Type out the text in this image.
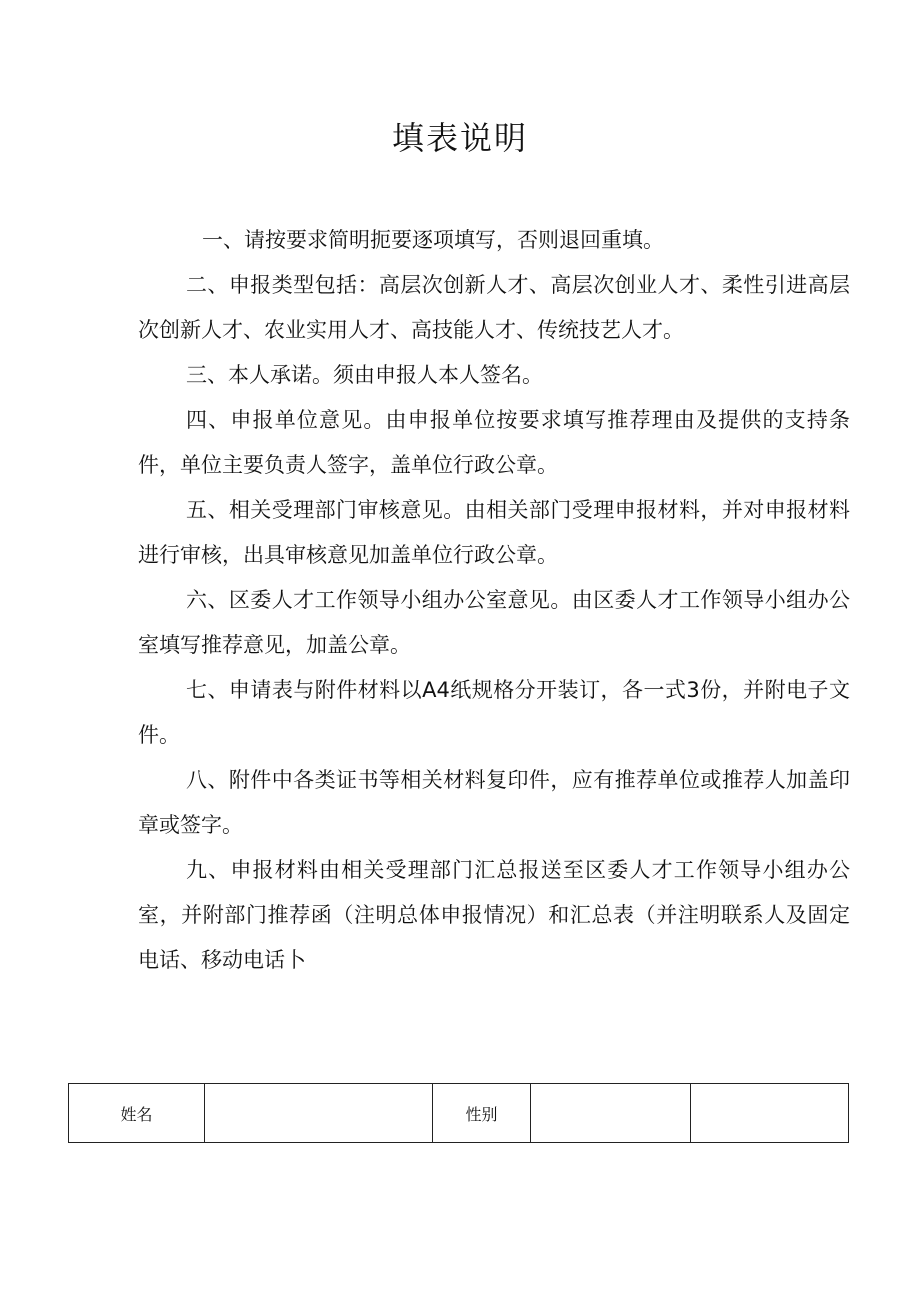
填表说明

一、请按要求简明扼要逐项填写，否则退回重填。

二、申报类型包括：高层次创新人才、高层次创业人才、柔性引进高层次创新人才、农业实用人才、高技能人才、传统技艺人才。

三、本人承诺。须由申报人本人签名。

四、申报单位意见。由申报单位按要求填写推荐理由及提供的支持条件，单位主要负责人签字，盖单位行政公章。

五、相关受理部门审核意见。由相关部门受理申报材料，并对申报材料进行审核，出具审核意见加盖单位行政公章。

六、区委人才工作领导小组办公室意见。由区委人才工作领导小组办公室填写推荐意见，加盖公章。

七、申请表与附件材料以A4纸规格分开装订，各一式3份，并附电子文件。

八、附件中各类证书等相关材料复印件，应有推荐单位或推荐人加盖印章或签字。

九、申报材料由相关受理部门汇总报送至区委人才工作领导小组办公室，并附部门推荐函（注明总体申报情况）和汇总表（并注明联系人及固定电话、移动电话卜

姓名		性别		
